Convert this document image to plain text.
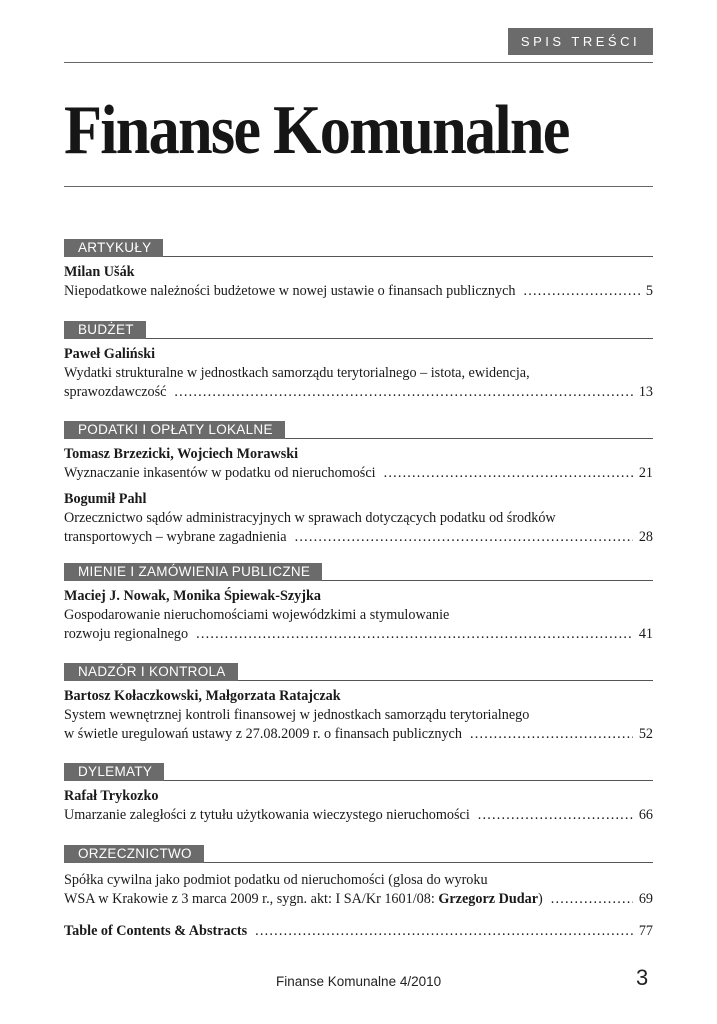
SPIS TREŚCI
Finanse Komunalne
ARTYKUŁY
Milan Ušák
Niepodatkowe należności budżetowe w nowej ustawie o finansach publicznych .....	5
BUDŻET
Paweł Galiński
Wydatki strukturalne w jednostkach samorządu terytorialnego – istota, ewidencja,
sprawozdawczość .....	13
PODATKI I OPŁATY LOKALNE
Tomasz Brzezicki, Wojciech Morawski
Wyznaczanie inkasentów w podatku od nieruchomości .....	21
Bogumił Pahl
Orzecznictwo sądów administracyjnych w sprawach dotyczących podatku od środków
transportowych – wybrane zagadnienia .....	28
MIENIE I ZAMÓWIENIA PUBLICZNE
Maciej J. Nowak, Monika Śpiewak-Szyjka
Gospodarowanie nieruchomościami wojewódzkimi a stymulowanie
rozwoju regionalnego .....	41
NADZÓR I KONTROLA
Bartosz Kołaczkowski, Małgorzata Ratajczak
System wewnętrznej kontroli finansowej w jednostkach samorządu terytorialnego
w świetle uregulowań ustawy z 27.08.2009 r. o finansach publicznych .....	52
DYLEMATY
Rafał Trykozko
Umarzanie zaległości z tytułu użytkowania wieczystego nieruchomości .....	66
ORZECZNICTWO
Spółka cywilna jako podmiot podatku od nieruchomości (glosa do wyroku
WSA w Krakowie z 3 marca 2009 r., sygn. akt: I SA/Kr 1601/08: Grzegorz Dudar) .....	69
Table of Contents & Abstracts .....	77
Finanse Komunalne 4/2010	3
